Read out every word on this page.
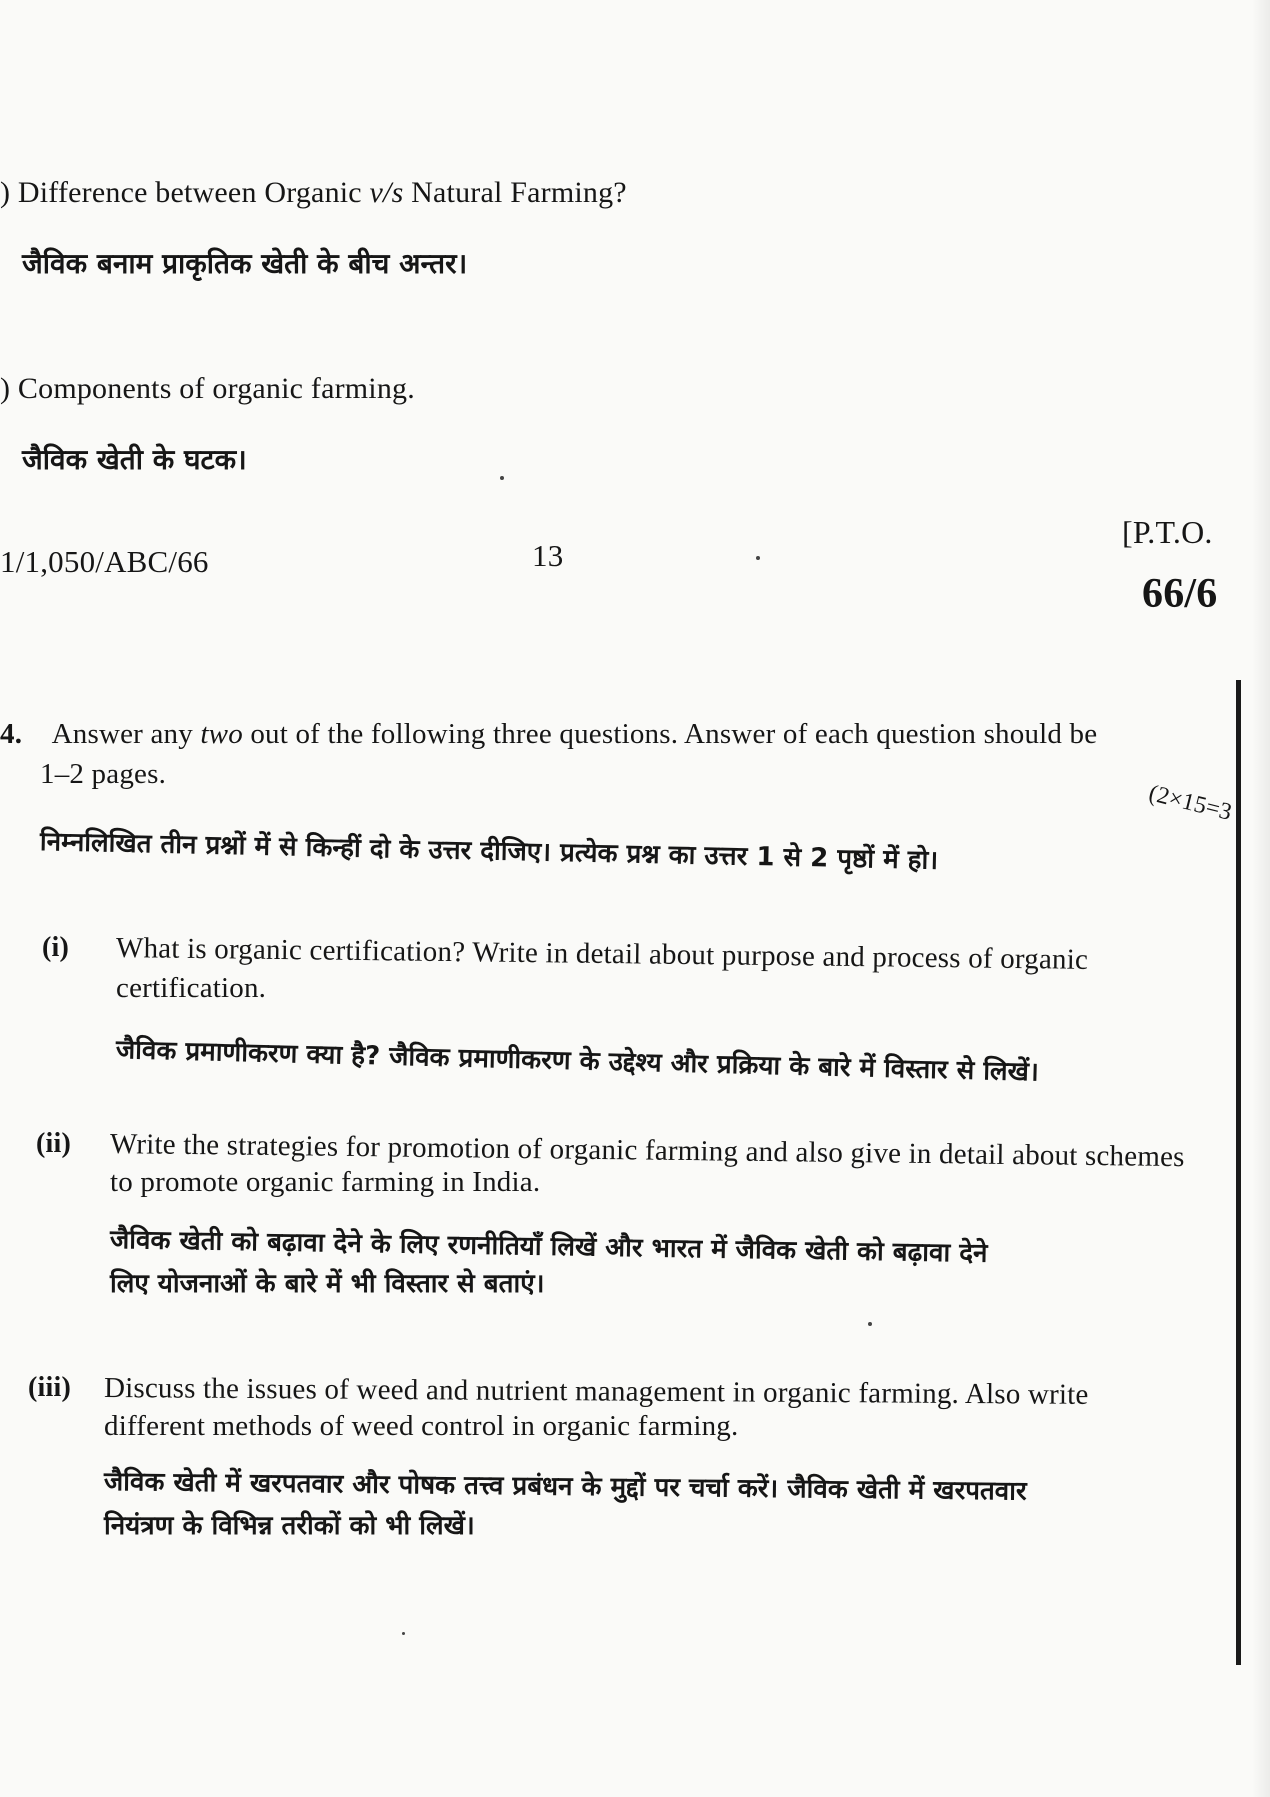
) Difference between Organic v/s Natural Farming?
जैविक बनाम प्राकृतिक खेती के बीच अन्तर।
) Components of organic farming.
जैविक खेती के घटक।
1/1,050/ABC/66	13
[P.T.O.
66/6
4. Answer any two out of the following three questions. Answer of each question should be
1–2 pages.
(2×15=3
निम्नलिखित तीन प्रश्नों में से किन्हीं दो के उत्तर दीजिए। प्रत्येक प्रश्न का उत्तर 1 से 2 पृष्ठों में हो।
(i) What is organic certification? Write in detail about purpose and process of organic
certification.
जैविक प्रमाणीकरण क्या है? जैविक प्रमाणीकरण के उद्देश्य और प्रक्रिया के बारे में विस्तार से लिखें।
(ii) Write the strategies for promotion of organic farming and also give in detail about schemes
to promote organic farming in India.
जैविक खेती को बढ़ावा देने के लिए रणनीतियाँ लिखें और भारत में जैविक खेती को बढ़ावा देने
लिए योजनाओं के बारे में भी विस्तार से बताएं।
(iii) Discuss the issues of weed and nutrient management in organic farming. Also write
different methods of weed control in organic farming.
जैविक खेती में खरपतवार और पोषक तत्त्व प्रबंधन के मुद्दों पर चर्चा करें। जैविक खेती में खरपतवार
नियंत्रण के विभिन्न तरीकों को भी लिखें।
